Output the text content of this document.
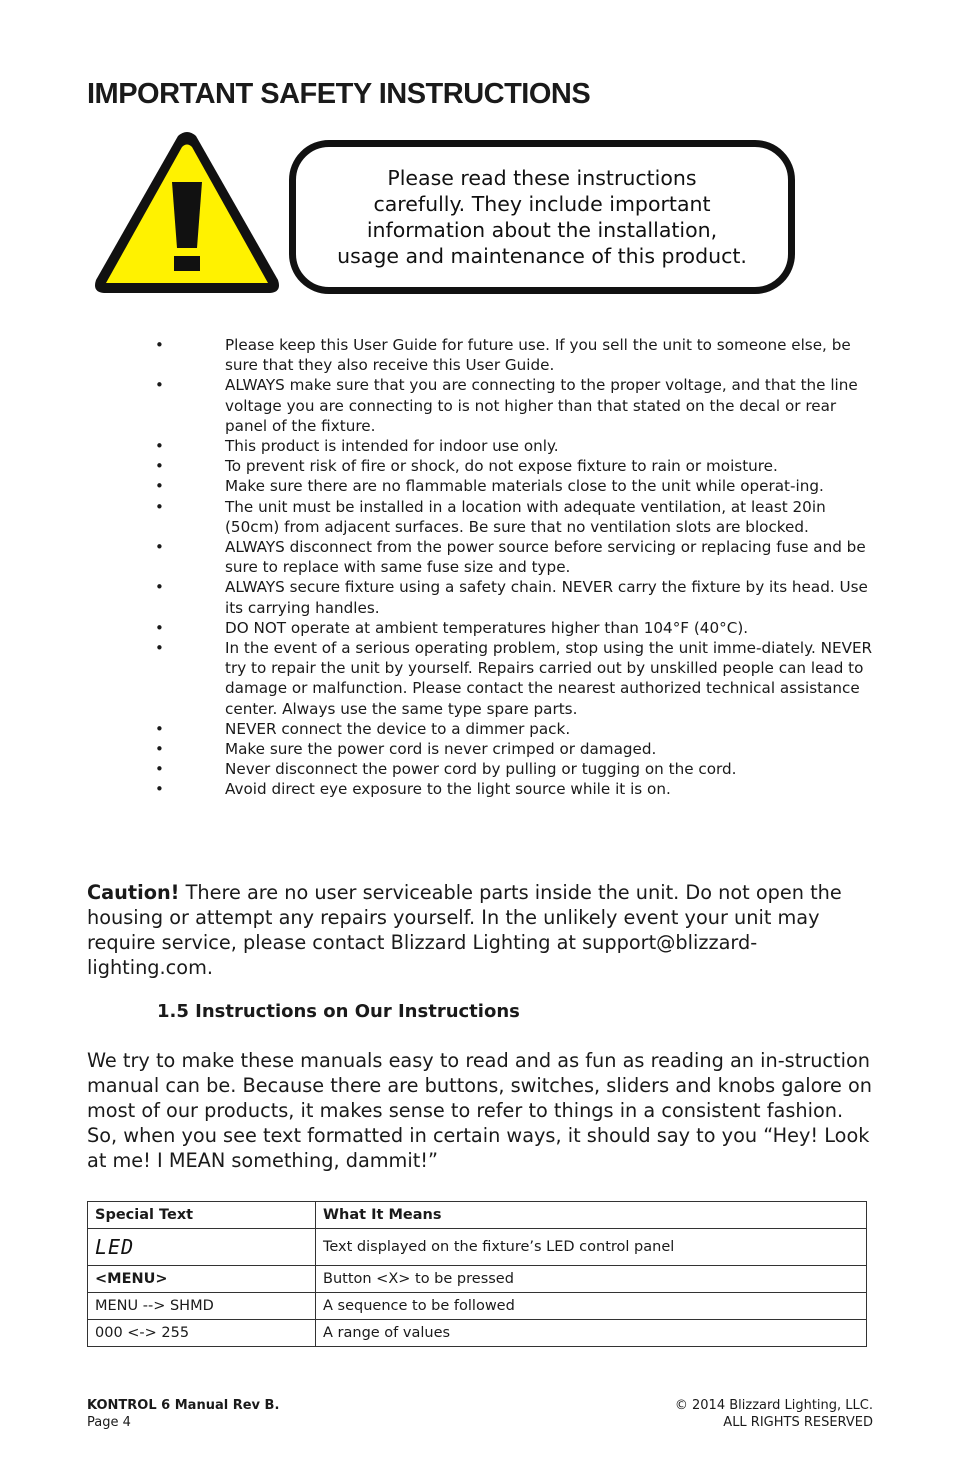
IMPORTANT SAFETY INSTRUCTIONS
Please read these instructions
carefully. They include important
information about the installation,
usage and maintenance of this product.
• Please keep this User Guide for future use. If you sell the unit to someone else, be sure that they also receive this User Guide.
• ALWAYS make sure that you are connecting to the proper voltage, and that the line voltage you are connecting to is not higher than that stated on the decal or rear panel of the fixture.
• This product is intended for indoor use only.
• To prevent risk of fire or shock, do not expose fixture to rain or moisture.
• Make sure there are no flammable materials close to the unit while operat-ing.
• The unit must be installed in a location with adequate ventilation, at least 20in (50cm) from adjacent surfaces. Be sure that no ventilation slots are blocked.
• ALWAYS disconnect from the power source before servicing or replacing fuse and be sure to replace with same fuse size and type.
• ALWAYS secure fixture using a safety chain. NEVER carry the fixture by its head. Use its carrying handles.
• DO NOT operate at ambient temperatures higher than 104°F (40°C).
• In the event of a serious operating problem, stop using the unit imme-diately. NEVER try to repair the unit by yourself. Repairs carried out by unskilled people can lead to damage or malfunction. Please contact the nearest authorized technical assistance center. Always use the same type spare parts.
• NEVER connect the device to a dimmer pack.
• Make sure the power cord is never crimped or damaged.
• Never disconnect the power cord by pulling or tugging on the cord.
• Avoid direct eye exposure to the light source while it is on.

Caution! There are no user serviceable parts inside the unit. Do not open the housing or attempt any repairs yourself. In the unlikely event your unit may require service, please contact Blizzard Lighting at support@blizzard-lighting.com.

1.5 Instructions on Our Instructions

We try to make these manuals easy to read and as fun as reading an in-struction manual can be. Because there are buttons, switches, sliders and knobs galore on most of our products, it makes sense to refer to things in a consistent fashion. So, when you see text formatted in certain ways, it should say to you “Hey! Look at me! I MEAN something, dammit!”

Special Text	What It Means
LED	Text displayed on the fixture’s LED control panel
<MENU>	Button <X> to be pressed
MENU --> SHMD	A sequence to be followed
000 <-> 255	A range of values
KONTROL 6 Manual Rev B.
Page 4
© 2014 Blizzard Lighting, LLC.
ALL RIGHTS RESERVED
